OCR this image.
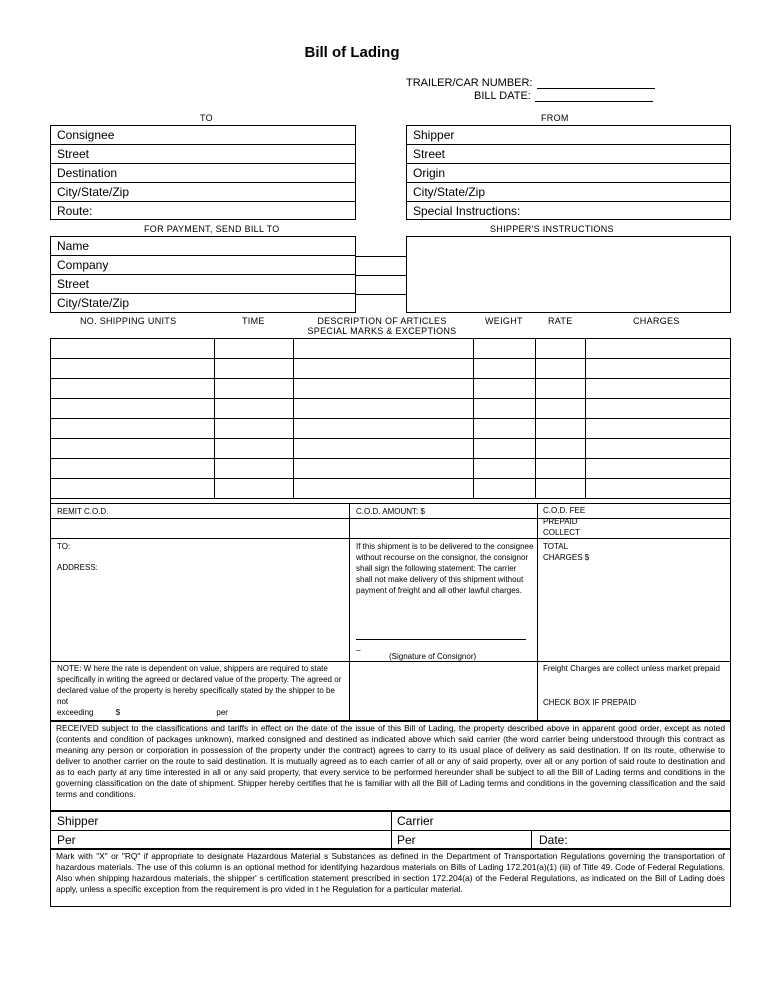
Bill of Lading
TRAILER/CAR NUMBER:
BILL DATE:
TO	FROM
Consignee
Street
Destination
City/State/Zip
Route:
Shipper
Street
Origin
City/State/Zip
Special Instructions:
FOR PAYMENT, SEND BILL TO	SHIPPER'S INSTRUCTIONS
Name
Company
Street
City/State/Zip
NO. SHIPPING UNITS	TIME	DESCRIPTION OF ARTICLES
SPECIAL MARKS & EXCEPTIONS
WEIGHT	RATE	CHARGES

REMIT C.O.D.	C.O.D. AMOUNT: $	C.O.D. FEE
PREPAID
COLLECT
TO:
ADDRESS:
If this shipment is to be delivered to the consignee without recourse on the consignor, the consignor shall sign the following statement: The carrier shall not make delivery of this shipment without payment of freight and all other lawful charges.
_
(Signature of Consignor)
TOTAL
CHARGES $
NOTE: W here the rate is dependent on value, shippers are required to state specifically in writing the agreed or declared value of the property. The agreed or declared value of the property is hereby specifically stated by the shipper to be not
exceeding	$	per
Freight Charges are collect unless market prepaid
CHECK BOX IF PREPAID
RECEIVED subject to the classifications and tariffs in effect on the date of the issue of this Bill of Lading, the property described above in apparent good order, except as noted (contents and condition of packages unknown), marked consigned and destined as indicated above which said carrier (the word carrier being understood through this contract as meaning any person or corporation in possession of the property under the contract) agrees to carry to its usual place of delivery as said destination. If on its route, otherwise to deliver to another carrier on the route to said destination. It is mutually agreed as to each carrier of all or any of said property, over all or any portion of said route to destination and as to each party at any time interested in all or any said property, that every service to be performed hereunder shall be subject to all the Bill of Lading terms and conditions in the governing classification on the date of shipment. Shipper hereby certifies that he is familiar with all the Bill of Lading terms and conditions in the governing classification and the said terms and conditions.
Shipper	Carrier
Per	Per	Date:
Mark with "X" or "RQ" if appropriate to designate Hazardous Material s Substances as defined in the Department of Transportation Regulations governing the transportation of hazardous materials. The use of this column is an optional method for identifying hazardous materials on Bills of Lading 172.201(a)(1) (iii) of Title 49. Code of Federal Regulations. Also when shipping hazardous materials, the shipper' s certification statement prescribed in section 172.204(a) of the Federal Regulations, as indicated on the Bill of Lading does apply, unless a specific exception from the requirement is pro vided in t he Regulation for a particular material.
